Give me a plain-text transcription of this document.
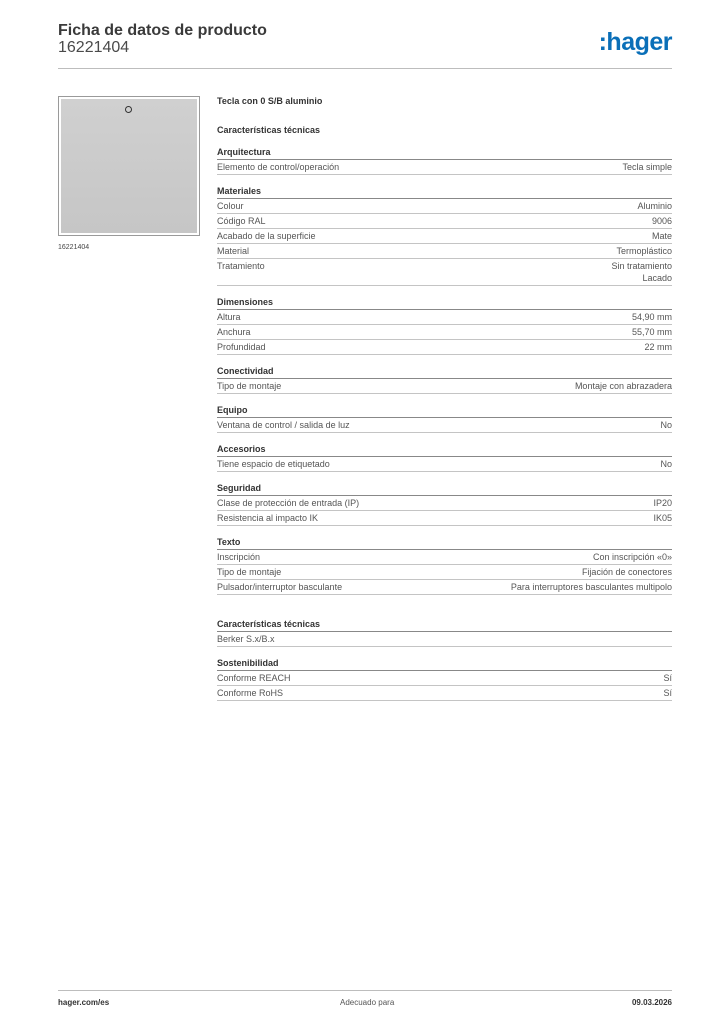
Ficha de datos de producto
16221404	:hager
16221404
Tecla con 0 S/B aluminio
Características técnicas
Arquitectura
Elemento de control/operación	Tecla simple
Materiales
Colour	Aluminio
Código RAL	9006
Acabado de la superficie	Mate
Material	Termoplástico
Tratamiento	Sin tratamiento
Lacado
Dimensiones
Altura	54,90 mm
Anchura	55,70 mm
Profundidad	22 mm
Conectividad
Tipo de montaje	Montaje con abrazadera
Equipo
Ventana de control / salida de luz	No
Accesorios
Tiene espacio de etiquetado	No
Seguridad
Clase de protección de entrada (IP)	IP20
Resistencia al impacto IK	IK05
Texto
Inscripción	Con inscripción «0»
Tipo de montaje	Fijación de conectores
Pulsador/interruptor basculante	Para interruptores basculantes multipolo
Características técnicas
Berker S.x/B.x
Sostenibilidad
Conforme REACH	Sí
Conforme RoHS	Sí
hager.com/es	Adecuado para	09.03.2026
